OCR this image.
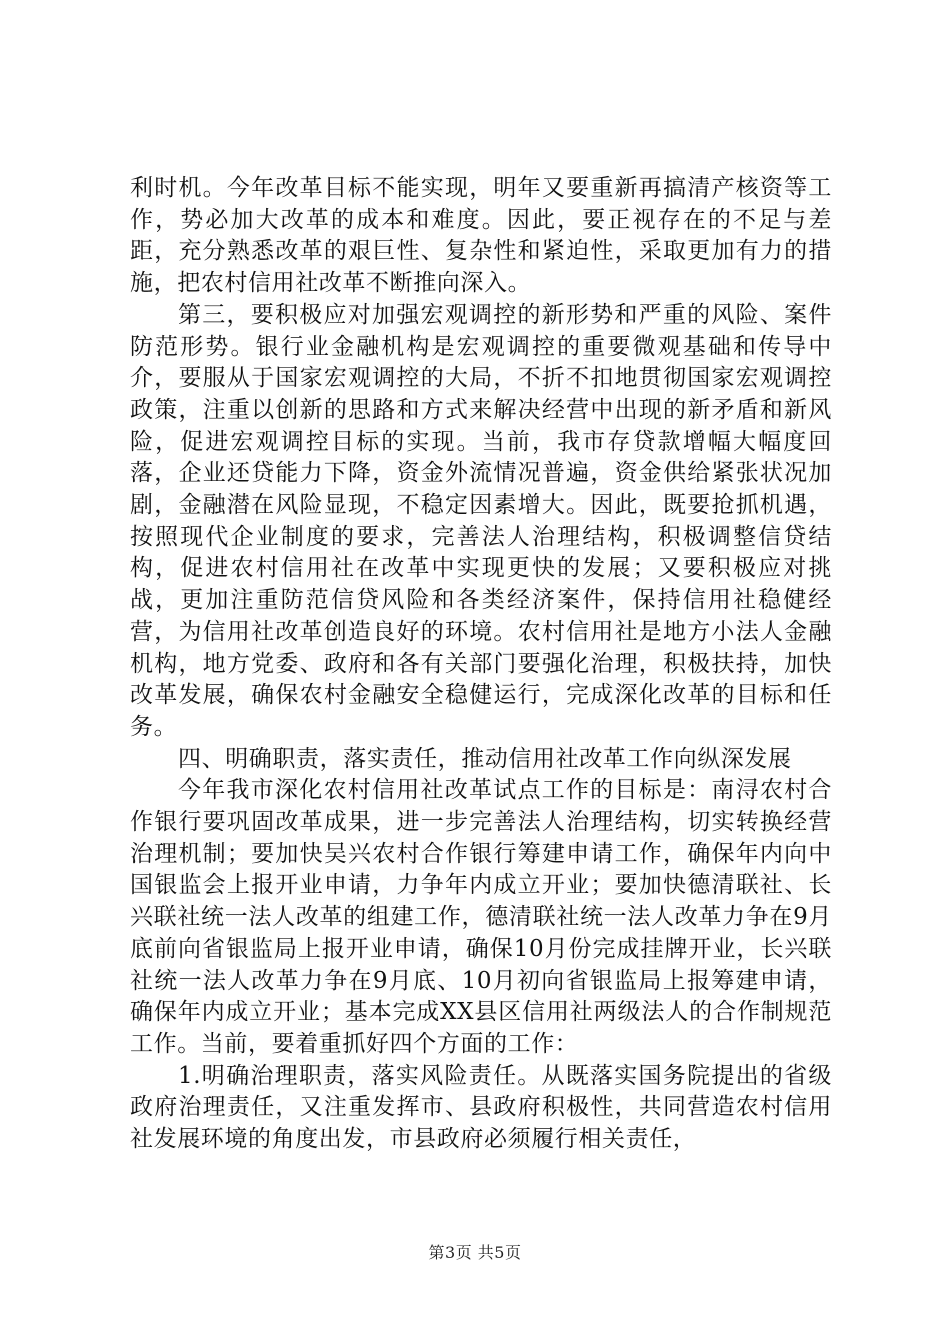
利时机。今年改革目标不能实现，明年又要重新再搞清产核资等工作，势必加大改革的成本和难度。因此，要正视存在的不足与差距，充分熟悉改革的艰巨性、复杂性和紧迫性，采取更加有力的措施，把农村信用社改革不断推向深入。

第三，要积极应对加强宏观调控的新形势和严重的风险、案件防范形势。银行业金融机构是宏观调控的重要微观基础和传导中介，要服从于国家宏观调控的大局，不折不扣地贯彻国家宏观调控政策，注重以创新的思路和方式来解决经营中出现的新矛盾和新风险，促进宏观调控目标的实现。当前，我市存贷款增幅大幅度回落，企业还贷能力下降，资金外流情况普遍，资金供给紧张状况加剧，金融潜在风险显现，不稳定因素增大。因此，既要抢抓机遇，按照现代企业制度的要求，完善法人治理结构，积极调整信贷结构，促进农村信用社在改革中实现更快的发展；又要积极应对挑战，更加注重防范信贷风险和各类经济案件，保持信用社稳健经营，为信用社改革创造良好的环境。农村信用社是地方小法人金融机构，地方党委、政府和各有关部门要强化治理，积极扶持，加快改革发展，确保农村金融安全稳健运行，完成深化改革的目标和任务。

四、明确职责，落实责任，推动信用社改革工作向纵深发展

今年我市深化农村信用社改革试点工作的目标是：南浔农村合作银行要巩固改革成果，进一步完善法人治理结构，切实转换经营治理机制；要加快吴兴农村合作银行筹建申请工作，确保年内向中国银监会上报开业申请，力争年内成立开业；要加快德清联社、长兴联社统一法人改革的组建工作，德清联社统一法人改革力争在9月底前向省银监局上报开业申请，确保10月份完成挂牌开业，长兴联社统一法人改革力争在9月底、10月初向省银监局上报筹建申请，确保年内成立开业；基本完成XX县区信用社两级法人的合作制规范工作。当前，要着重抓好四个方面的工作：

1.明确治理职责，落实风险责任。从既落实国务院提出的省级政府治理责任，又注重发挥市、县政府积极性，共同营造农村信用社发展环境的角度出发，市县政府必须履行相关责任，

第3页 共5页
